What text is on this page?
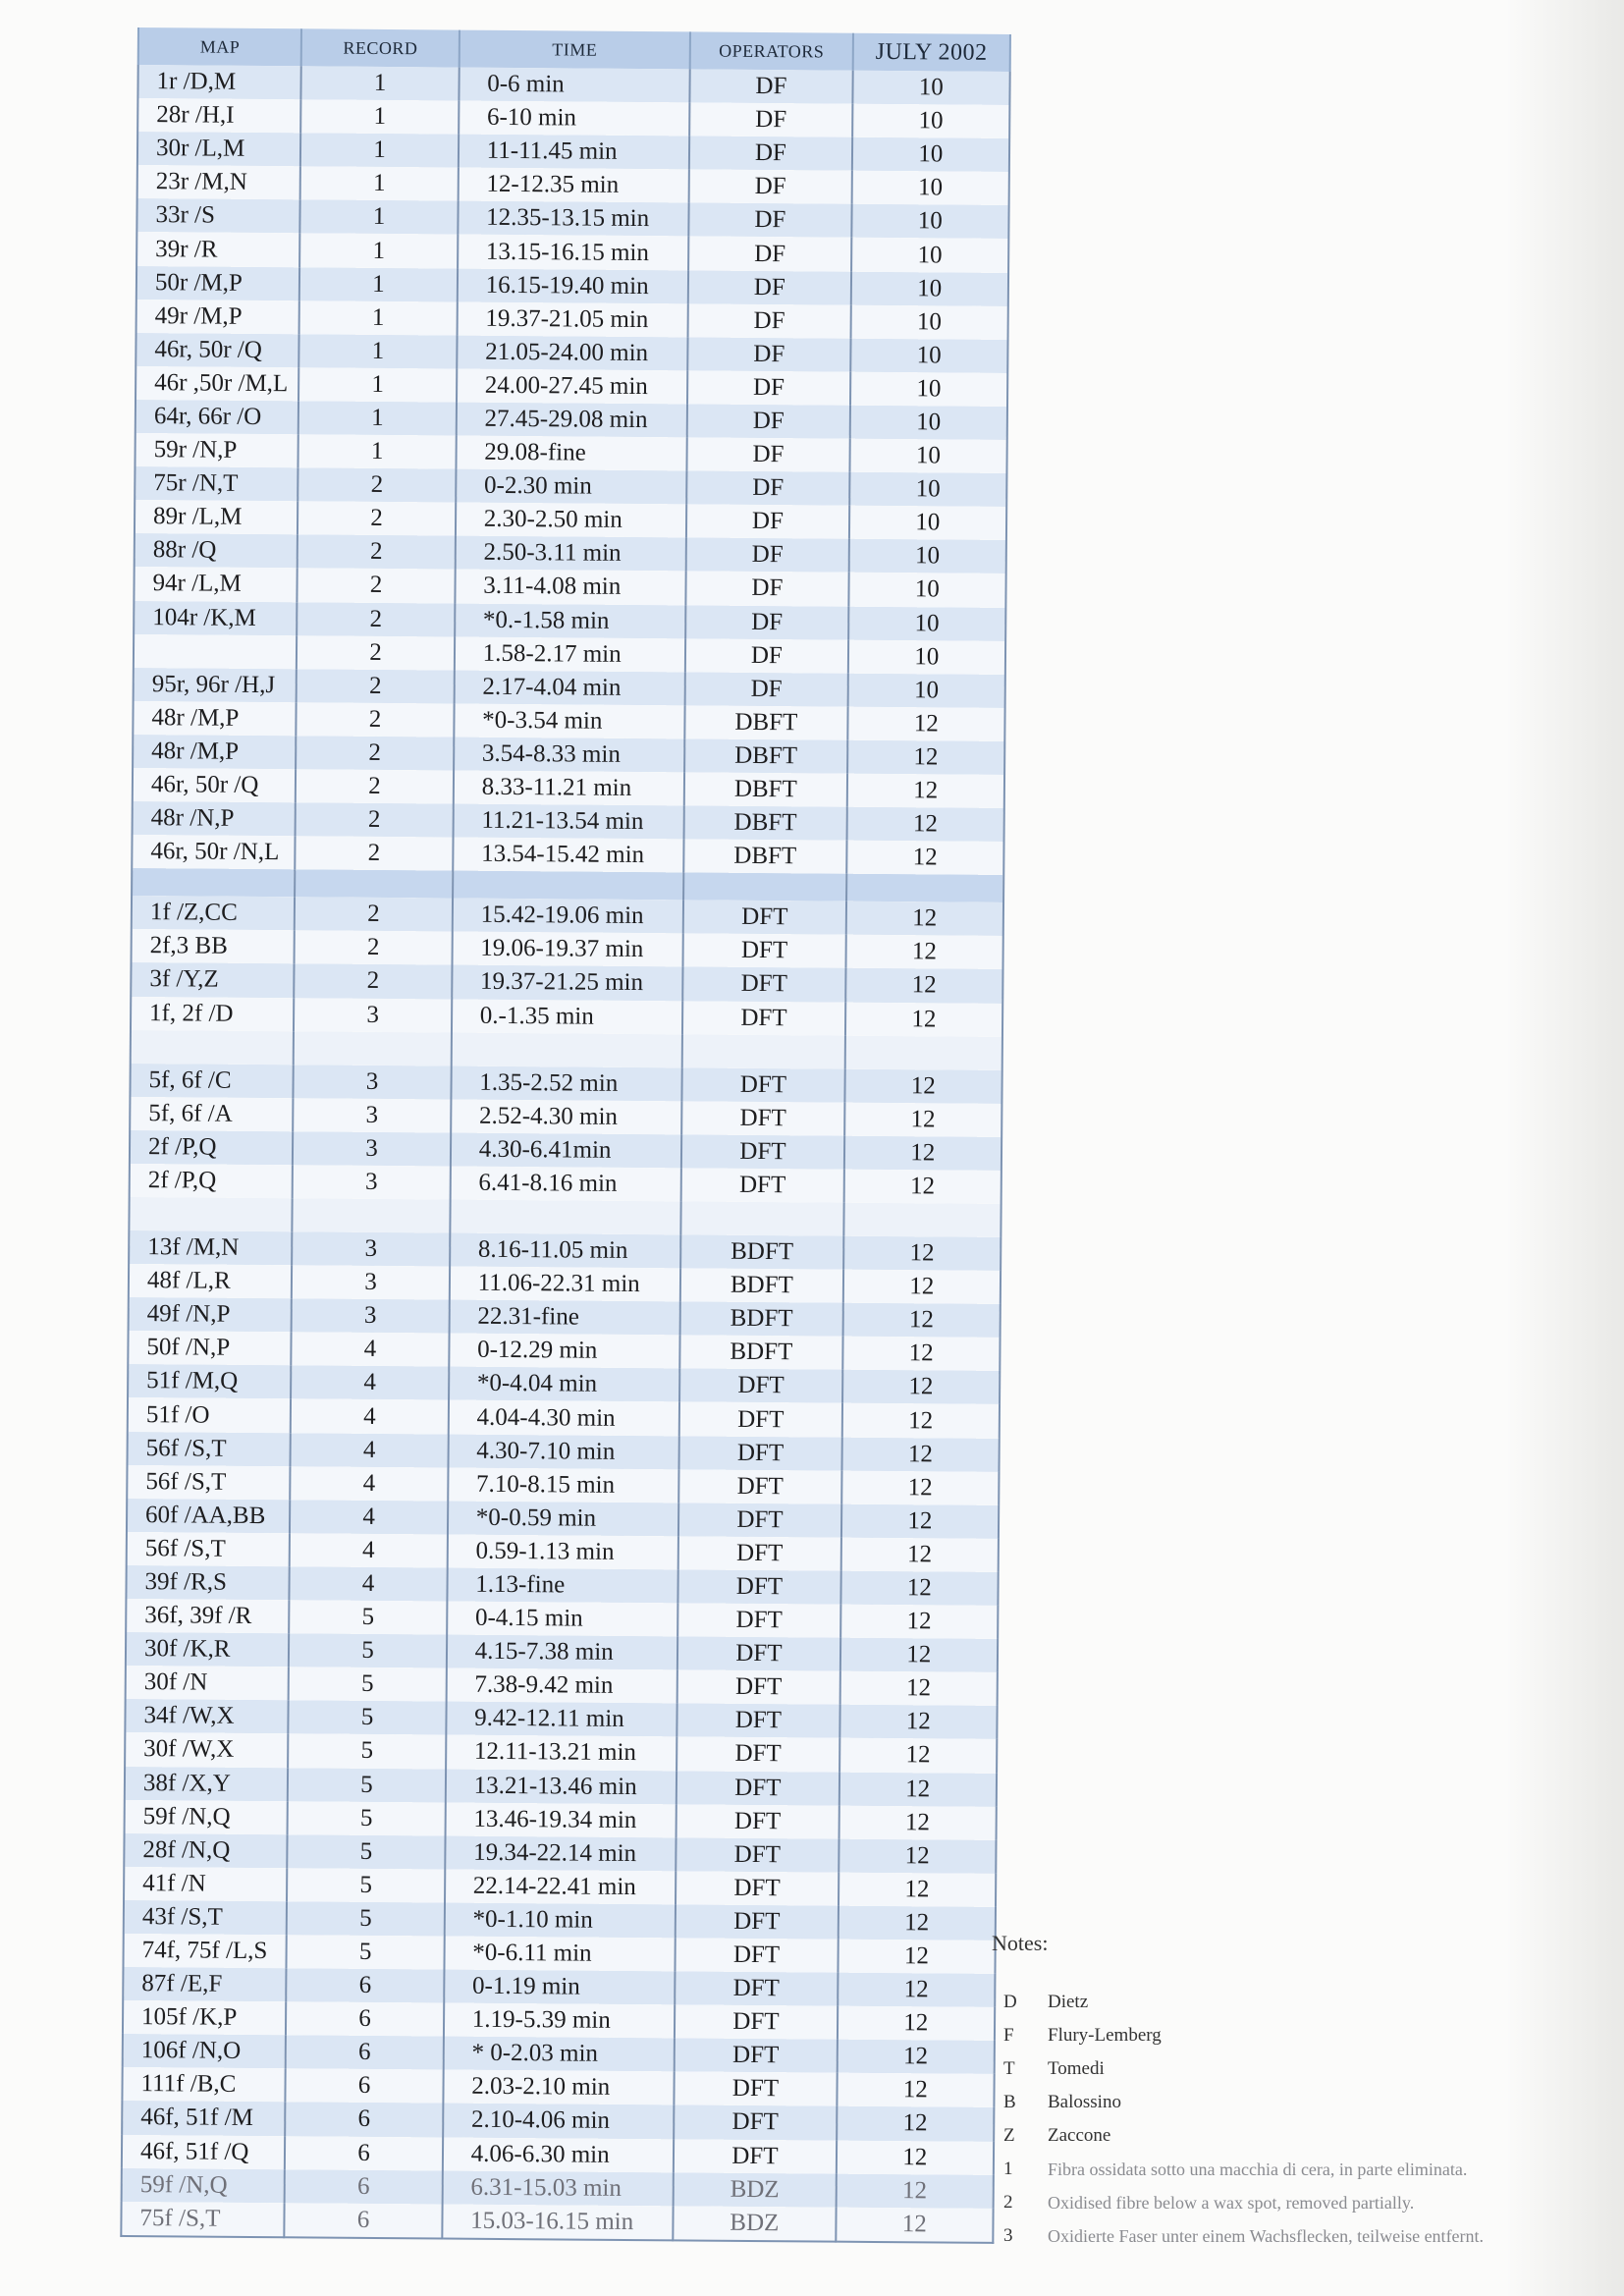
MAP	RECORD	TIME	OPERATORS	JULY 2002
1r /D,M	1	0-6 min	DF	10
28r /H,I	1	6-10 min	DF	10
30r /L,M	1	11-11.45 min	DF	10
23r /M,N	1	12-12.35 min	DF	10
33r /S	1	12.35-13.15 min	DF	10
39r /R	1	13.15-16.15 min	DF	10
50r /M,P	1	16.15-19.40 min	DF	10
49r /M,P	1	19.37-21.05 min	DF	10
46r, 50r /Q	1	21.05-24.00 min	DF	10
46r ,50r /M,L	1	24.00-27.45 min	DF	10
64r, 66r /O	1	27.45-29.08 min	DF	10
59r /N,P	1	29.08-fine	DF	10
75r /N,T	2	0-2.30 min	DF	10
89r /L,M	2	2.30-2.50 min	DF	10
88r /Q	2	2.50-3.11 min	DF	10
94r /L,M	2	3.11-4.08 min	DF	10
104r /K,M	2	*0.-1.58 min	DF	10
	2	1.58-2.17 min	DF	10
95r, 96r /H,J	2	2.17-4.04 min	DF	10
48r /M,P	2	*0-3.54 min	DBFT	12
48r /M,P	2	3.54-8.33 min	DBFT	12
46r, 50r /Q	2	8.33-11.21 min	DBFT	12
48r /N,P	2	11.21-13.54 min	DBFT	12
46r, 50r /N,L	2	13.54-15.42 min	DBFT	12

1f /Z,CC	2	15.42-19.06 min	DFT	12
2f,3 BB	2	19.06-19.37 min	DFT	12
3f /Y,Z	2	19.37-21.25 min	DFT	12
1f, 2f /D	3	0.-1.35 min	DFT	12

5f, 6f /C	3	1.35-2.52 min	DFT	12
5f, 6f /A	3	2.52-4.30 min	DFT	12
2f /P,Q	3	4.30-6.41min	DFT	12
2f /P,Q	3	6.41-8.16 min	DFT	12

13f /M,N	3	8.16-11.05 min	BDFT	12
48f /L,R	3	11.06-22.31 min	BDFT	12
49f /N,P	3	22.31-fine	BDFT	12
50f /N,P	4	0-12.29 min	BDFT	12
51f /M,Q	4	*0-4.04 min	DFT	12
51f /O	4	4.04-4.30 min	DFT	12
56f /S,T	4	4.30-7.10 min	DFT	12
56f /S,T	4	7.10-8.15 min	DFT	12
60f /AA,BB	4	*0-0.59 min	DFT	12
56f /S,T	4	0.59-1.13 min	DFT	12
39f /R,S	4	1.13-fine	DFT	12
36f, 39f /R	5	0-4.15 min	DFT	12
30f /K,R	5	4.15-7.38 min	DFT	12
30f /N	5	7.38-9.42 min	DFT	12
34f /W,X	5	9.42-12.11 min	DFT	12
30f /W,X	5	12.11-13.21 min	DFT	12
38f /X,Y	5	13.21-13.46 min	DFT	12
59f /N,Q	5	13.46-19.34 min	DFT	12
28f /N,Q	5	19.34-22.14 min	DFT	12
41f /N	5	22.14-22.41 min	DFT	12
43f /S,T	5	*0-1.10 min	DFT	12
74f, 75f /L,S	5	*0-6.11 min	DFT	12
87f /E,F	6	0-1.19 min	DFT	12
105f /K,P	6	1.19-5.39 min	DFT	12
106f /N,O	6	* 0-2.03 min	DFT	12
111f /B,C	6	2.03-2.10 min	DFT	12
46f, 51f /M	6	2.10-4.06 min	DFT	12
46f, 51f /Q	6	4.06-6.30 min	DFT	12
59f /N,Q	6	6.31-15.03 min	BDZ	12
75f /S,T	6	15.03-16.15 min	BDZ	12
Notes:
D	Dietz
F	Flury-Lemberg
T	Tomedi
B	Balossino
Z	Zaccone
1	Fibra ossidata sotto una macchia di cera, in parte eliminata.
2	Oxidised fibre below a wax spot, removed partially.
3	Oxidierte Faser unter einem Wachsflecken, teilweise entfernt.
